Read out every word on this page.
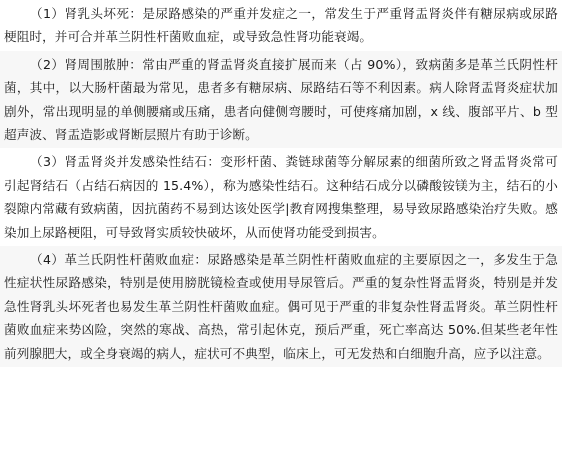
（1）肾乳头坏死：是尿路感染的严重并发症之一，常发生于严重肾盂肾炎伴有糖尿病或尿路梗阻时，并可合并革兰阴性杆菌败血症，或导致急性肾功能衰竭。

（2）肾周围脓肿：常由严重的肾盂肾炎直接扩展而来（占 90%），致病菌多是革兰氏阴性杆菌，其中，以大肠杆菌最为常见，患者多有糖尿病、尿路结石等不利因素。病人除肾盂肾炎症状加剧外，常出现明显的单侧腰痛或压痛，患者向健侧弯腰时，可使疼痛加剧，x 线、腹部平片、b 型超声波、肾盂造影或肾断层照片有助于诊断。

（3）肾盂肾炎并发感染性结石：变形杆菌、粪链球菌等分解尿素的细菌所致之肾盂肾炎常可引起肾结石（占结石病因的 15.4%），称为感染性结石。这种结石成分以磷酸铵镁为主，结石的小裂隙内常藏有致病菌，因抗菌药不易到达该处医学|教育网搜集整理，易导致尿路感染治疗失败。感染加上尿路梗阻，可导致肾实质较快破坏，从而使肾功能受到损害。

（4）革兰氏阴性杆菌败血症：尿路感染是革兰阴性杆菌败血症的主要原因之一，多发生于急性症状性尿路感染，特别是使用膀胱镜检查或使用导尿管后。严重的复杂性肾盂肾炎，特别是并发急性肾乳头坏死者也易发生革兰阴性杆菌败血症。偶可见于严重的非复杂性肾盂肾炎。革兰阴性杆菌败血症来势凶险，突然的寒战、高热，常引起休克，预后严重，死亡率高达 50%.但某些老年性前列腺肥大，或全身衰竭的病人，症状可不典型，临床上，可无发热和白细胞升高，应予以注意。
